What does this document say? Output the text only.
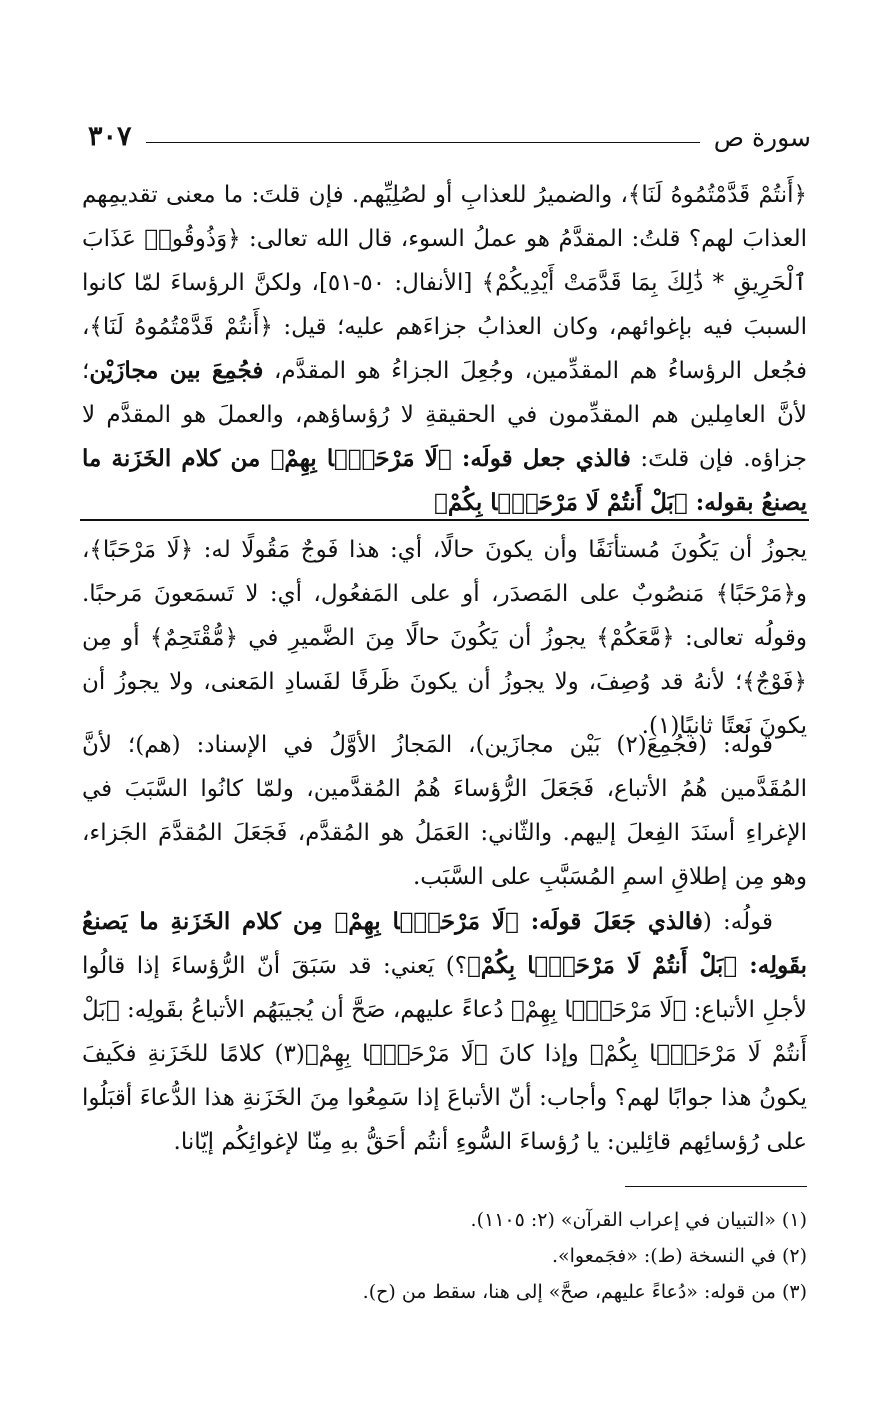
سورة ص
٣٠٧

﴿أَنتُمْ قَدَّمْتُمُوهُ لَنَا﴾، والضميرُ للعذابِ أو لصُلِيِّهم. فإن قلتَ: ما معنى تقديمِهم العذابَ لهم؟ قلتُ: المقدَّمُ هو عملُ السوء، قال الله تعالى: ﴿وَذُوقُوا۟ عَذَابَ ٱلْحَرِيقِ * ذَٰلِكَ بِمَا قَدَّمَتْ أَيْدِيكُمْ﴾ [الأنفال: ٥٠-٥١]، ولكنَّ الرؤساءَ لمّا كانوا السببَ فيه بإغوائهم، وكان العذابُ جزاءَهم عليه؛ قيل: ﴿أَنتُمْ قَدَّمْتُمُوهُ لَنَا﴾، فجُعل الرؤساءُ هم المقدِّمين، وجُعِلَ الجزاءُ هو المقدَّم، فجُمِعَ بين مجازَيْن؛ لأنَّ العامِلين هم المقدِّمون في الحقيقةِ لا رُؤساؤهم، والعملَ هو المقدَّم لا جزاؤه. فإن قلتَ: فالذي جعل قولَه: ﴿لَا مَرْحَبًۢا بِهِمْ﴾ من كلام الخَزَنة ما يصنعُ بقوله: ﴿بَلْ أَنتُمْ لَا مَرْحَبًۢا بِكُمْ﴾

يجوزُ أن يَكُونَ مُستأنَفًا وأن يكونَ حالًا، أي: هذا فَوجٌ مَقُولًا له: ﴿لَا مَرْحَبًا﴾، و﴿مَرْحَبًا﴾ مَنصُوبٌ على المَصدَر، أو على المَفعُول، أي: لا تَسمَعونَ مَرحبًا. وقولُه تعالى: ﴿مَّعَكُمْ﴾ يجوزُ أن يَكُونَ حالًا مِنَ الضَّميرِ في ﴿مُّقْتَحِمٌ﴾ أو مِن ﴿فَوْجٌ﴾؛ لأنهُ قد وُصِفَ، ولا يجوزُ أن يكونَ ظَرفًا لفَسادِ المَعنى، ولا يجوزُ أن يكونَ نَعتًا ثانيًا(١).

قولُه: (فجُمِعَ(٢) بَيْن مجازَين)، المَجازُ الأوَّلُ في الإسناد: (هم)؛ لأنَّ المُقَدَّمين هُمُ الأتباع، فَجَعَلَ الرُّؤساءَ هُمُ المُقدَّمين، ولمّا كانُوا السَّبَبَ في الإغراءِ أسنَدَ الفِعلَ إليهم. والثّاني: العَمَلُ هو المُقدَّم، فَجَعَلَ المُقدَّمَ الجَزاء، وهو مِن إطلاقِ اسمِ المُسَبَّبِ على السَّبَب.

قولُه: (فالذي جَعَلَ قولَه: ﴿لَا مَرْحَبًۢا بِهِمْ﴾ مِن كلام الخَزَنةِ ما يَصنعُ بقَولِه: ﴿بَلْ أَنتُمْ لَا مَرْحَبًۢا بِكُمْ﴾؟) يَعني: قد سَبَقَ أنّ الرُّؤساءَ إذا قالُوا لأجلِ الأتباع: ﴿لَا مَرْحَبًۢا بِهِمْ﴾ دُعاءً عليهم، صَحَّ أن يُجيبَهُم الأتباعُ بقَولِه: ﴿بَلْ أَنتُمْ لَا مَرْحَبًۢا بِكُمْ﴾ وإذا كانَ ﴿لَا مَرْحَبًۢا بِهِمْ﴾(٣) كلامًا للخَزَنةِ فكَيفَ يكونُ هذا جوابًا لهم؟ وأجاب: أنّ الأتباعَ إذا سَمِعُوا مِنَ الخَزَنةِ هذا الدُّعاءَ أقبَلُوا على رُؤسائِهم قائِلين: يا رُؤساءَ السُّوءِ أنتُم أحَقُّ بهِ مِنّا لإغوائِكُم إيّانا.

(١) «التبيان في إعراب القرآن» (٢: ١١٠٥).

(٢) في النسخة (ط): «فجَمعوا».

(٣) من قوله: «دُعاءً عليهم، صحَّ» إلى هنا، سقط من (ح).
